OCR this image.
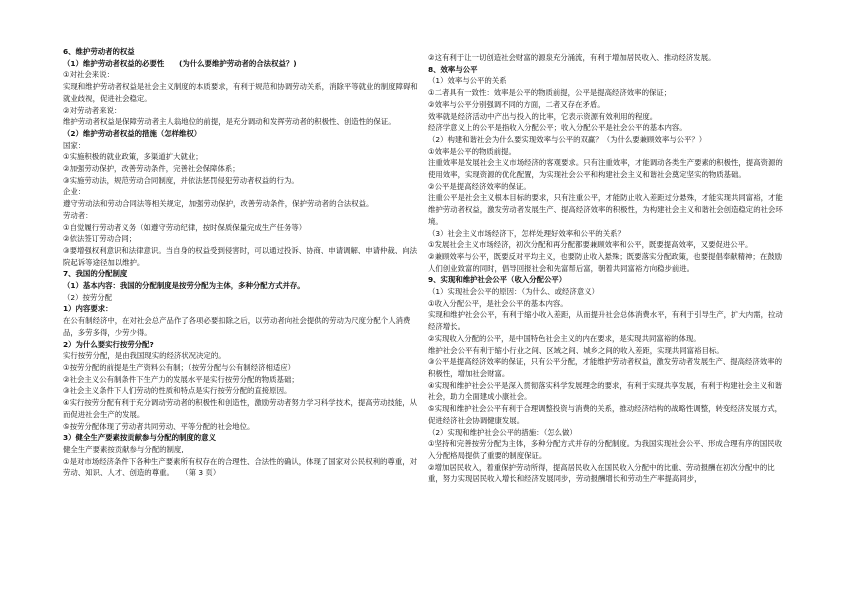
6、维护劳动者的权益
（1）维护劳动者权益的必要性　　(为什么要维护劳动者的合法权益？)
①对社会来说：
实现和维护劳动者权益是社会主义制度的本质要求，有利于规范和协调劳动关系，消除平等就业的制度障碍和就业歧视，促进社会稳定。
②对劳动者来说：
维护劳动者权益是保障劳动者主人翁地位的前提，是充分调动和发挥劳动者的积极性、创造性的保证。
（2）维护劳动者权益的措施（怎样维权）
国家：
①实施积极的就业政策，多渠道扩大就业；
②加强劳动保护，改善劳动条件，完善社会保障体系；
③实施劳动法，规范劳动合同制度，并依法惩罚侵犯劳动者权益的行为。
企业：
遵守劳动法和劳动合同法等相关规定，加强劳动保护，改善劳动条件，保护劳动者的合法权益。
劳动者：
①自觉履行劳动者义务（如遵守劳动纪律，按时保质保量完成生产任务等）
②依法签订劳动合同；
③要增强权利意识和法律意识。当自身的权益受到侵害时，可以通过投诉、协商、申请调解、申请仲裁、向法院起诉等途径加以维护。
7、我国的分配制度
（1）基本内容：我国的分配制度是按劳分配为主体，多种分配方式并存。
（2）按劳分配
1）内容要求：
在公有制经济中，在对社会总产品作了各项必要扣除之后，以劳动者向社会提供的劳动为尺度分配个人消费品，多劳多得，少劳少得。
2）为什么要实行按劳分配?
实行按劳分配，是由我国现实的经济状况决定的。
①按劳分配的前提是生产资料公有制；（按劳分配与公有制经济相适应）
②社会主义公有制条件下生产力的发展水平是实行按劳分配的物质基础；
③社会主义条件下人们劳动的性质和特点是实行按劳分配的直接原因。
④实行按劳分配有利于充分调动劳动者的积极性和创造性，激励劳动者努力学习科学技术，提高劳动技能，从而促进社会生产的发展。
⑤按劳分配体现了劳动者共同劳动、平等分配的社会地位。
3）健全生产要素按贡献参与分配的制度的意义
健全生产要素按贡献参与分配的制度,
①是对市场经济条件下各种生产要素所有权存在的合理性、合法性的确认，体现了国家对公民权利的尊重，对劳动、知识、人才、创造的尊重。　　（第 3 页）
②这有利于让一切创造社会财富的源泉充分涌流，有利于增加居民收入、推动经济发展。
8、效率与公平
（1）效率与公平的关系
①二者具有一致性：效率是公平的物质前提，公平是提高经济效率的保证；
②效率与公平分别强调不同的方面，二者又存在矛盾。
效率就是经济活动中产出与投入的比率，它表示资源有效利用的程度。
经济学意义上的公平是指收入分配公平；收入分配公平是社会公平的基本内容。
（2）构建和谐社会为什么要实现效率与公平的双赢？（为什么要兼顾效率与公平？）
①效率是公平的物质前提。
注重效率是发展社会主义市场经济的客观要求。只有注重效率，才能调动各类生产要素的积极性，提高资源的使用效率，实现资源的优化配置，为实现社会公平和构建社会主义和谐社会奠定坚实的物质基础。
②公平是提高经济效率的保证。
注重公平是社会主义根本目标的要求，只有注重公平，才能防止收入差距过分悬殊，才能实现共同富裕，才能维护劳动者权益，激发劳动者发展生产、提高经济效率的积极性，为构建社会主义和谐社会创造稳定的社会环境。
（3）社会主义市场经济下，怎样处理好效率和公平的关系？
①发展社会主义市场经济，初次分配和再分配都要兼顾效率和公平，既要提高效率，又要促进公平。
②兼顾效率与公平，既要反对平均主义，也要防止收入悬殊；既要落实分配政策，也要提倡奉献精神；在鼓励人们创业致富的同时，倡导回报社会和先富帮后富，朝着共同富裕方向稳步前进。
9、实现和维护社会公平（收入分配公平）
（1）实现社会公平的原因：（为什么、或经济意义）
①收入分配公平，是社会公平的基本内容。
实现和维护社会公平，有利于缩小收入差距，从而提升社会总体消费水平，有利于引导生产，扩大内需，拉动经济增长。
②实现收入分配的公平，是中国特色社会主义的内在要求，是实现共同富裕的体现。
维护社会公平有利于缩小行业之间、区域之间、城乡之间的收入差距，实现共同富裕目标。
③公平是提高经济效率的保证，只有公平分配，才能维护劳动者权益，激发劳动者发展生产、提高经济效率的积极性，增加社会财富。
④实现和维护社会公平是深入贯彻落实科学发展理念的要求，有利于实现共享发展，有利于构建社会主义和谐社会，助力全面建成小康社会。
⑤实现和维护社会公平有利于合理调整投资与消费的关系，推动经济结构的战略性调整，转变经济发展方式，促进经济社会协调健康发展。
（2）实现和维护社会公平的措施：（怎么做）
①坚持和完善按劳分配为主体，多种分配方式并存的分配制度。为我国实现社会公平、形成合理有序的国民收入分配格局提供了重要的制度保证。
②增加居民收入，着重保护劳动所得，提高居民收入在国民收入分配中的比重、劳动报酬在初次分配中的比重，努力实现居民收入增长和经济发展同步，劳动报酬增长和劳动生产率提高同步，
